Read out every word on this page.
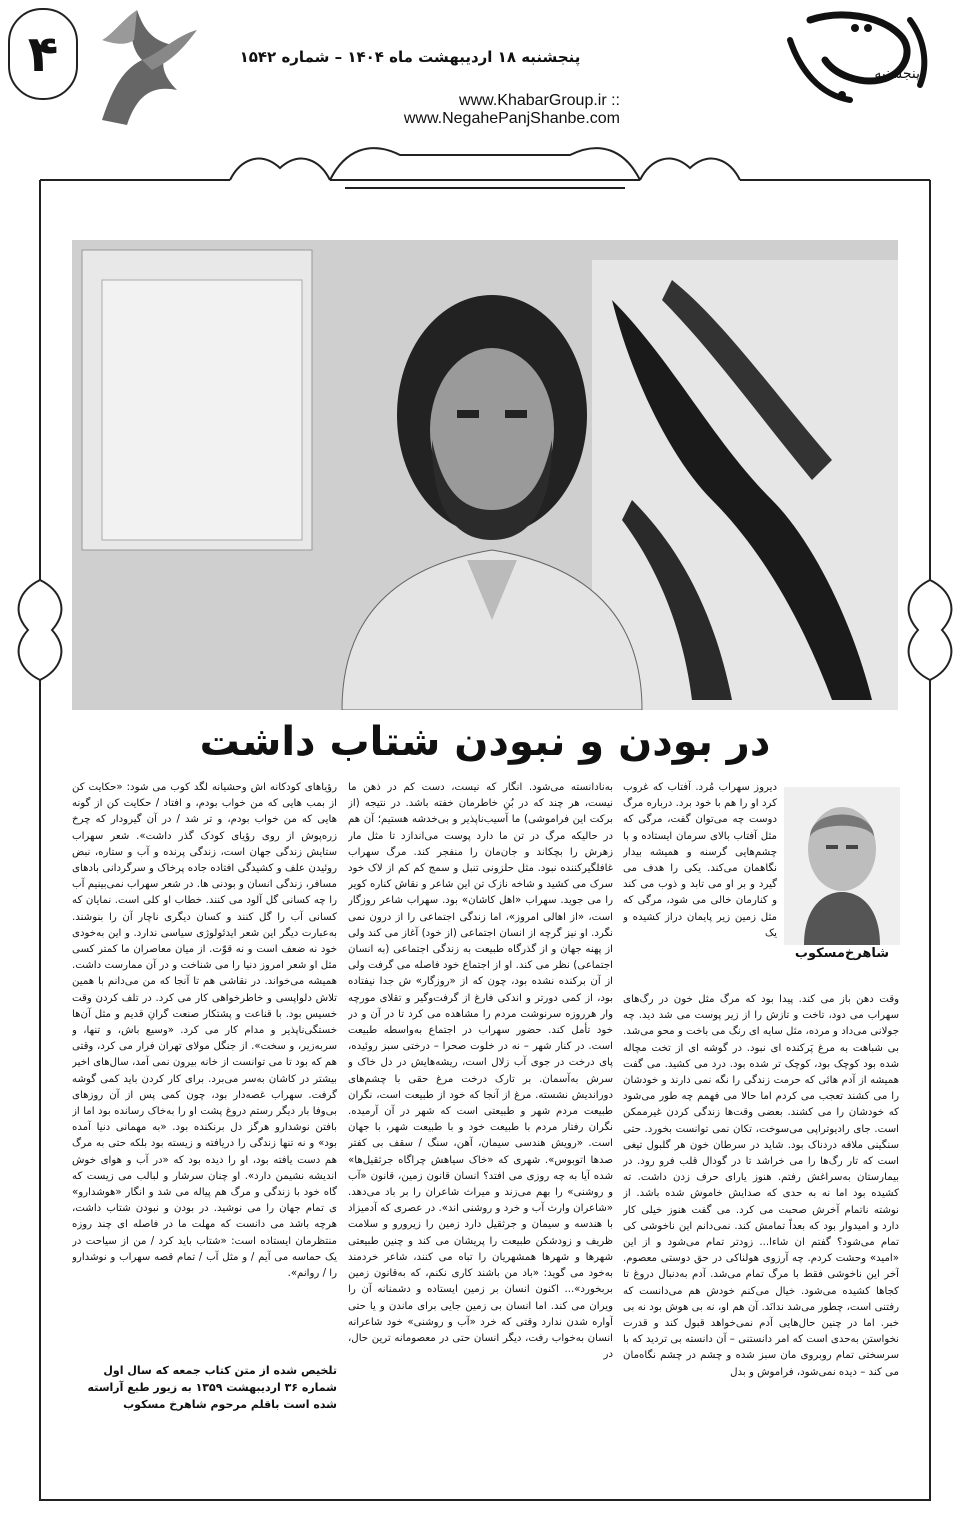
۴	پنجشنبه ۱۸ اردیبهشت ماه ۱۴۰۴ – شماره ۱۵۴۲
www.KhabarGroup.ir :: www.NegahePanjShanbe.com
پنجشنبه
در بودن و نبودن شتاب داشت
شاهرخ‌مسکوب

دیروز سهراب مُرد. آفتاب که غروب کرد او را هم با خود برد. درباره مرگ دوست چه می‌توان گفت، مرگی که مثل آفتاب بالای سرمان ایستاده و با چشم‌هایی گرسنه و همیشه بیدار نگاهمان می‌کند. یکی را هدف می گیرد و بر او می تابد و ذوب می کند و کنارمان خالی می شود، مرگی که مثل زمین زیر پایمان دراز کشیده و یک

وقت دهن باز می کند. پیدا بود که مرگ مثل خون در رگ‌های سهراب می دود، تاخت و تازش را از زیر پوست می شد دید. چه جولانی می‌داد و مرده، مثل سایه ای رنگ می باخت و محو می‌شد. بی شباهت به مرغ پَرکنده ای نبود. در گوشه ای از تخت مچاله شده بود کوچک بود، کوچک تر شده بود. درد می کشید. می گفت همیشه از آدم هائی که حرمت زندگی را نگه نمی دارند و خودشان را می کشند تعجب می کردم اما حالا می فهمم چه طور می‌شود که خودشان را می کشند. بعضی وقت‌ها زندگی کردن غیرممکن است. جای رادیوتراپی می‌سوخت، تکان نمی توانست بخورد. حتی سنگینی ملافه دردناک بود. شاید در سرطان خون هر گلبول تیغی است که تار رگ‌ها را می خراشد تا در گودال قلب فرو رود. در بیمارستان به‌سراغش رفتم. هنوز یارای حرف زدن داشت. ته کشیده بود اما نه به حدی که صدایش خاموش شده باشد. از نوشته ناتمام آخرش صحبت می کرد. می گفت هنوز خیلی کار دارد و امیدوار بود که بعداً تمامش کند. نمی‌دانم این ناخوشی کی تمام می‌شود؟ گفتم ان شاءا... زودتر تمام می‌شود و از این «امید» وحشت کردم. چه آرزوی هولناکی در حق دوستی معصوم. آخر این ناخوشی فقط با مرگ تمام می‌شد. آدم به‌دنبال دروغ تا کجاها کشیده می‌شود. خیال می‌کنم خودش هم می‌دانست که رفتنی است، چطور می‌شد ندانَد. آن هم او، نه بی هوش بود نه بی خبر. اما در چنین حال‌هایی آدم نمی‌خواهد قبول کند و قدرت نخواستن به‌حدی است که امر دانستنی – آن دانسته بی تردید که با سرسختی تمام روبروی مان سبز شده و چشم در چشم نگاه‌مان می کند – دیده نمی‌شود، فراموش و بدل

به‌نادانسته می‌شود. انگار که نیست، دست کم در ذهن ما نیست، هر چند که در بُنِ خاطرمان خفته باشد. در نتیجه (از برکت این فراموشی) ما آسیب‌ناپذیر و بی‌خدشه هستیم؛ آن هم در حالیکه مرگ در تن ما دارد پوست می‌اندازد تا مثل مار زهرش را بچکاند و جان‌مان را منفجر کند. مرگ سهراب غافلگیرکننده نبود. مثل حلزونی تنبل و سمج کم کم از لاک خود سرک می کشید و شاخه نازک تن این شاعر و نقاش کناره کویر را می جوید. سهراب «اهل کاشان» بود. سهراب شاعر روزگار است، «از اهالی امروز»، اما زندگی اجتماعی را از درون نمی نگرد. او نیز گرچه از انسان اجتماعی (از خود) آغاز می کند ولی از پهنه جهان و از گذرگاه طبیعت به زندگی اجتماعی (به انسان اجتماعی) نظر می کند. او از اجتماع خود فاصله می گرفت ولی از آن برکنده نشده بود، چون که از «روزگار» ش جدا نیفتاده بود، از کمی دورتر و اندکی فارغ از گرفت‌وگیر و تقلای مورچه وار هرروزه سرنوشت مردم را مشاهده می کرد تا در آن و در خود تأمل کند. حضور سهراب در اجتماع به‌واسطه طبیعت است. در کنار شهر – نه در خلوت صحرا – درختی سبز روئیده، پای درخت در جوی آب زلال است، ریشه‌هایش در دل خاک و سرش به‌آسمان. بر تارک درخت مرغ حقی با چشم‌های دوراندیش نشسته. مرغ از آنجا که خود از طبیعت است، نگران طبیعت مردم شهر و طبیعتی است که شهر در آن آرمیده. نگران رفتار مردم با طبیعت خود و با طبیعت شهر، با جهان است. «رویش هندسی سیمان، آهن، سنگ / سقف بی کفتر صدها اتوبوس». شهری که «خاک سیاهش چراگاه جرثقیل‌ها» شده آیا به چه روزی می افتد؟ انسان قانون زمین، قانون «آب و روشنی» را بهم می‌زند و میراث شاعران را بر باد می‌دهد. «شاعران وارث آب و خرد و روشنی اند». در عصری که آدمیزاد با هندسه و سیمان و جرثقیل دارد زمین را زیرورو و سلامت ظریف و زودشکن طبیعت را پریشان می کند و چنین طبیعتی شهرها و شهرها همشهریان را تباه می کنند، شاعر خردمند به‌خود می گوید: «باد من باشند کاری نکنم، که به‌قانون زمین بربخورد»... اکنون انسان بر زمین ایستاده و دشمنانه آن را ویران می کند. اما انسان بی زمین جایی برای ماندن و یا حتی آواره شدن ندارد وقتی که خرد «آب و روشنی» خود شاعرانه انسان به‌خواب رفت، دیگر انسان حتی در معصومانه ترین حال، در

رؤیاهای کودکانه اش وحشیانه لگد کوب می شود: «حکایت کن از بمب هایی که من خواب بودم، و افتاد / حکایت کن از گونه هایی که من خواب بودم، و تر شد / در آن گیرودار که چرخ زره‌پوش از روی رؤیای کودک گذر داشت». شعر سهراب ستایش زندگی جهان است، زندگی پرنده و آب و ستاره، نبض روئیدن علف و کشیدگی افتاده جاده پرخاک و سرگردانی بادهای مسافر، زندگی انسان و بودنی ها. در شعر سهراب نمی‌بینیم آب را چه کسانی گل آلود می کنند. خطاب او کلی است. نمایان که کسانی آب را گل کنند و کسان دیگری ناچار آن را بنوشند. به‌عبارت دیگر این شعر ایدئولوژی سیاسی ندارد. و این به‌خودی خود نه ضعف است و نه قوّت. از میان معاصران ما کمتر کسی مثل او شعر امروز دنیا را می شناخت و در آن ممارست داشت. همیشه می‌خواند. در نقاشی هم تا آنجا که من می‌دانم با همین تلاش دلواپسی و خاطرخواهی کار می کرد. در تلف کردن وقت خسیس بود. با قناعت و پشتکار صنعت گرانِ قدیم و مثل آن‌ها خستگی‌ناپذیر و مدام کار می کرد. «وسیع باش، و تنها، و سربه‌زیر، و سخت». از جنگل مولای تهران فرار می کرد، وقتی هم که بود تا می توانست از خانه بیرون نمی آمد، سال‌های اخیر بیشتر در کاشان به‌سر می‌برد. برای کار کردن باید کمی گوشه گرفت. سهراب غصه‌دار بود، چون کمی پس از آن روزهای بی‌وفا بار دیگر رستم دروغ پشت او را به‌خاک رسانده بود اما از بافتن نوشدارو هرگز دل برنکنده بود. «به مهمانی دنیا آمده بود» و نه تنها زندگی را دریافته و زیسته بود بلکه حتی به مرگ هم دست یافته بود، او را دیده بود که «در آب و هوای خوش اندیشه نشیمن دارد». او چنان سرشار و لبالب می زیست که گاه خود با زندگی و مرگ هم پیاله می شد و انگار «هوشدارو» ی تمام جهان را می نوشید. در بودن و نبودن شتاب داشت، هرچه باشد می دانست که مهلت ما در فاصله ای چند روزه منتظرمان ایستاده است: «شتاب باید کرد / من از سیاحت در یک حماسه می آیم / و مثل آب / تمام قصه سهراب و نوشدارو را / روانم».

تلخیص شده از متن کتاب جمعه که سال اول شماره ۳۶ اردیبهشت ۱۳۵۹ به زیور طبع آراسته شده است باقلم مرحوم شاهرخ مسکوب
